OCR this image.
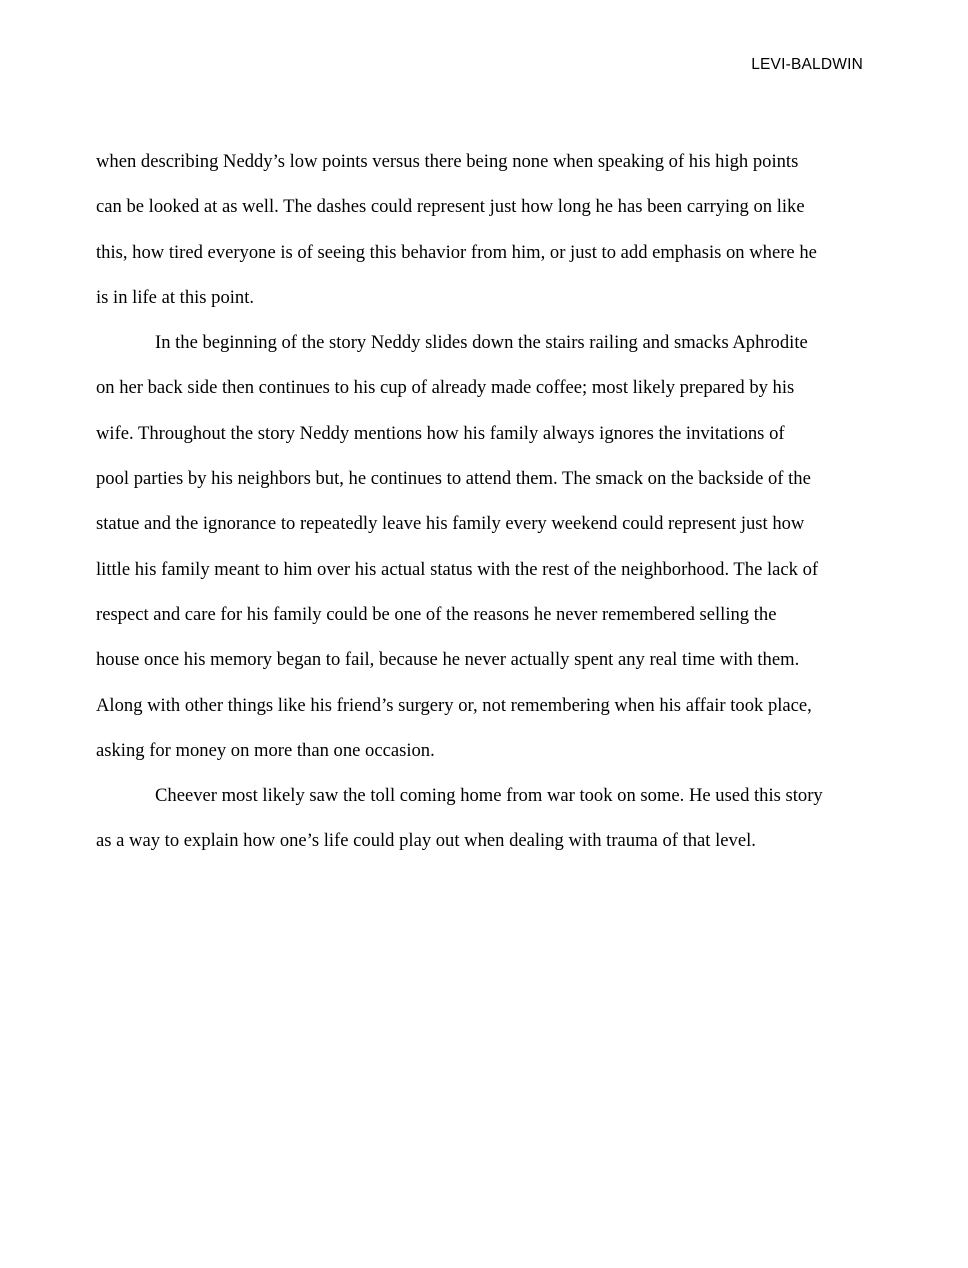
LEVI-BALDWIN
when describing Neddy’s low points versus there being none when speaking of his high points
can be looked at as well. The dashes could represent just how long he has been carrying on like
this, how tired everyone is of seeing this behavior from him, or just to add emphasis on where he
is in life at this point.
In the beginning of the story Neddy slides down the stairs railing and smacks Aphrodite
on her back side then continues to his cup of already made coffee; most likely prepared by his
wife. Throughout the story Neddy mentions how his family always ignores the invitations of
pool parties by his neighbors but, he continues to attend them. The smack on the backside of the
statue and the ignorance to repeatedly leave his family every weekend could represent just how
little his family meant to him over his actual status with the rest of the neighborhood. The lack of
respect and care for his family could be one of the reasons he never remembered selling the
house once his memory began to fail, because he never actually spent any real time with them.
Along with other things like his friend’s surgery or, not remembering when his affair took place,
asking for money on more than one occasion.
Cheever most likely saw the toll coming home from war took on some. He used this story
as a way to explain how one’s life could play out when dealing with trauma of that level.
